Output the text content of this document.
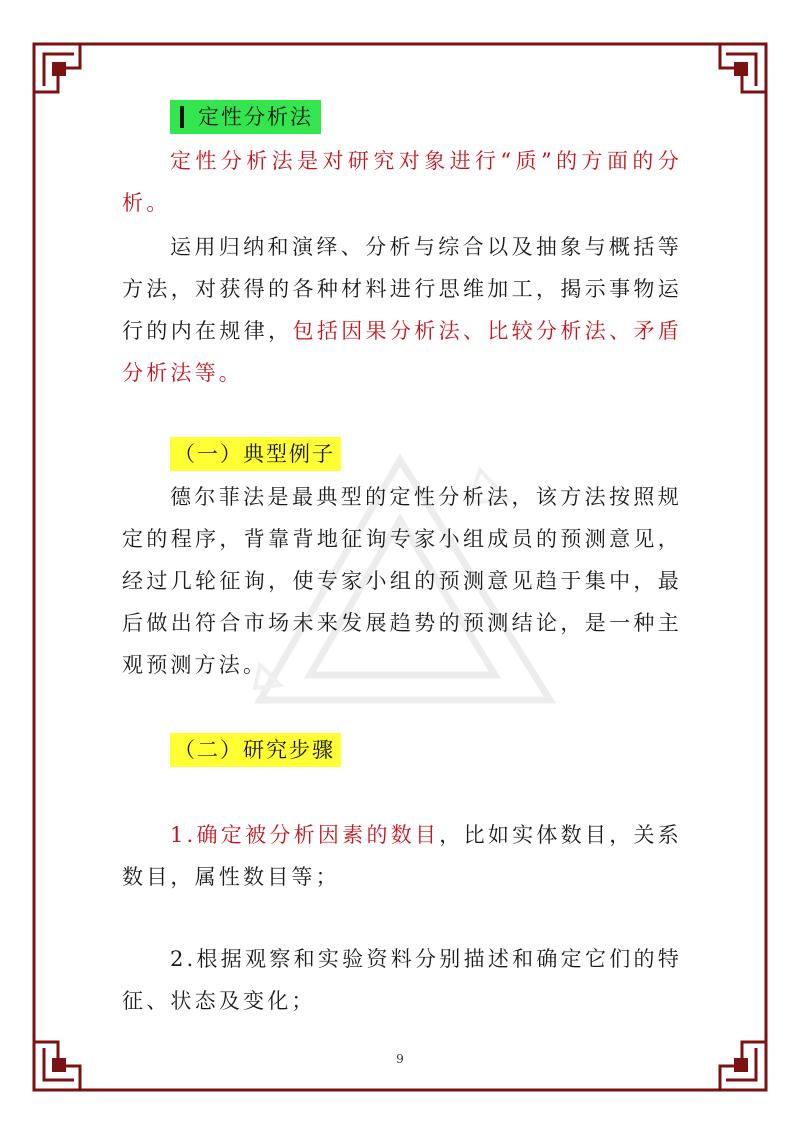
定性分析法

定性分析法是对研究对象进行“质”的方面的分析。

运用归纳和演绎、分析与综合以及抽象与概括等方法，对获得的各种材料进行思维加工，揭示事物运行的内在规律，包括因果分析法、比较分析法、矛盾分析法等。

（一）典型例子

德尔菲法是最典型的定性分析法，该方法按照规定的程序，背靠背地征询专家小组成员的预测意见，经过几轮征询，使专家小组的预测意见趋于集中，最后做出符合市场未来发展趋势的预测结论，是一种主观预测方法。

（二）研究步骤

1.确定被分析因素的数目，比如实体数目，关系数目，属性数目等；

2.根据观察和实验资料分别描述和确定它们的特征、状态及变化；

9
